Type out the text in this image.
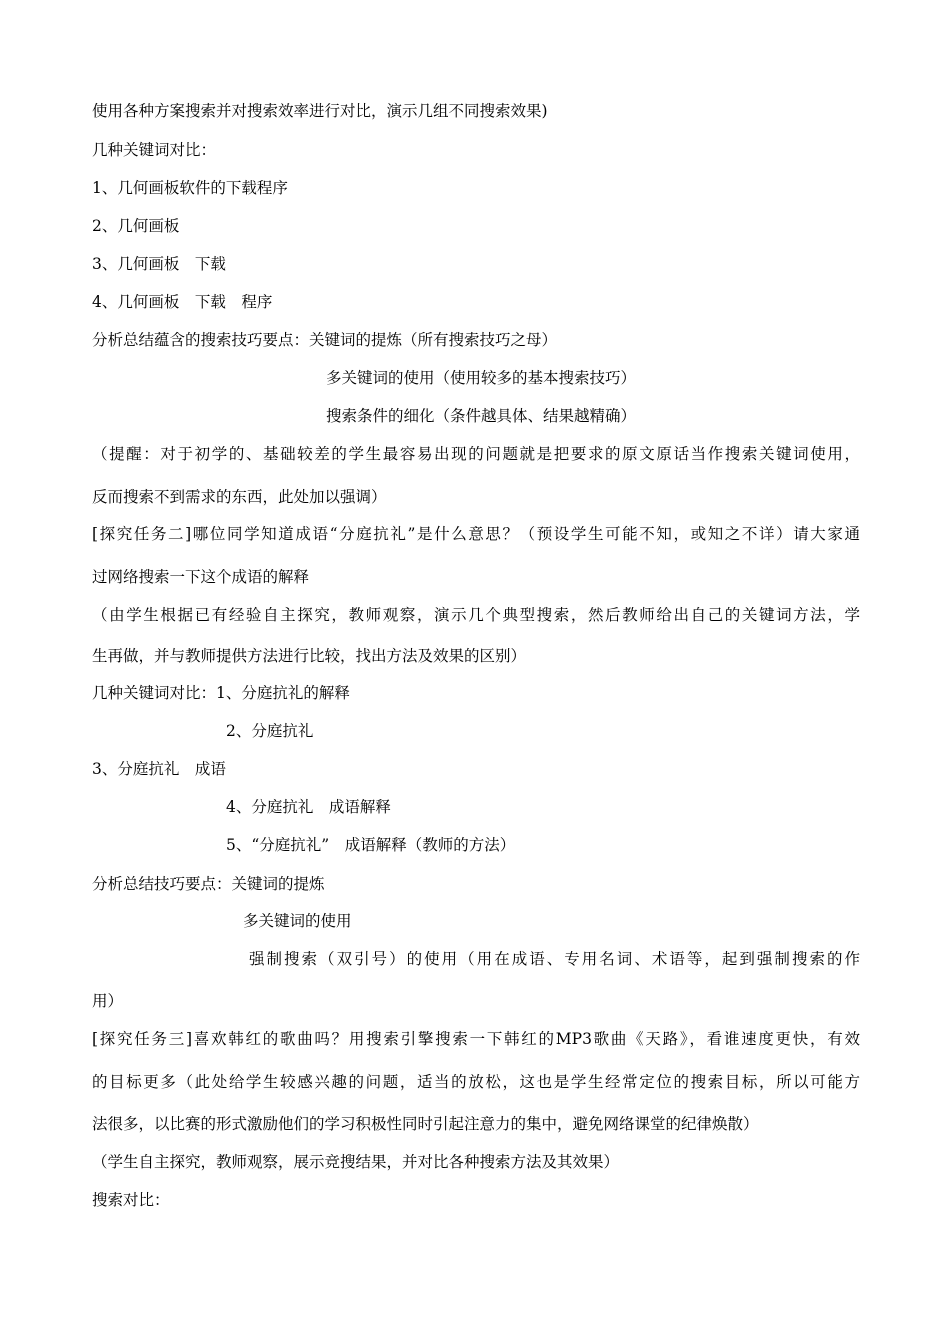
使用各种方案搜索并对搜索效率进行对比，演示几组不同搜索效果)
几种关键词对比：
1、几何画板软件的下载程序
2、几何画板
3、几何画板　下载
4、几何画板　下载　程序
分析总结蕴含的搜索技巧要点：关键词的提炼（所有搜索技巧之母）
多关键词的使用（使用较多的基本搜索技巧）
搜索条件的细化（条件越具体、结果越精确）
（提醒：对于初学的、基础较差的学生最容易出现的问题就是把要求的原文原话当作搜索关键词使用，
反而搜索不到需求的东西，此处加以强调）
[探究任务二]哪位同学知道成语“分庭抗礼”是什么意思？（预设学生可能不知，或知之不详）请大家通
过网络搜索一下这个成语的解释
（由学生根据已有经验自主探究，教师观察，演示几个典型搜索，然后教师给出自己的关键词方法，学
生再做，并与教师提供方法进行比较，找出方法及效果的区别）
几种关键词对比：1、分庭抗礼的解释
2、分庭抗礼
3、分庭抗礼　成语
4、分庭抗礼　成语解释
5、“分庭抗礼”　成语解释（教师的方法）
分析总结技巧要点：关键词的提炼
多关键词的使用
强制搜索（双引号）的使用（用在成语、专用名词、术语等，起到强制搜索的作
用）
[探究任务三]喜欢韩红的歌曲吗？用搜索引擎搜索一下韩红的MP3歌曲《天路》，看谁速度更快，有效
的目标更多（此处给学生较感兴趣的问题，适当的放松，这也是学生经常定位的搜索目标，所以可能方
法很多，以比赛的形式激励他们的学习积极性同时引起注意力的集中，避免网络课堂的纪律焕散）
（学生自主探究，教师观察，展示竞搜结果，并对比各种搜索方法及其效果）
搜索对比：
